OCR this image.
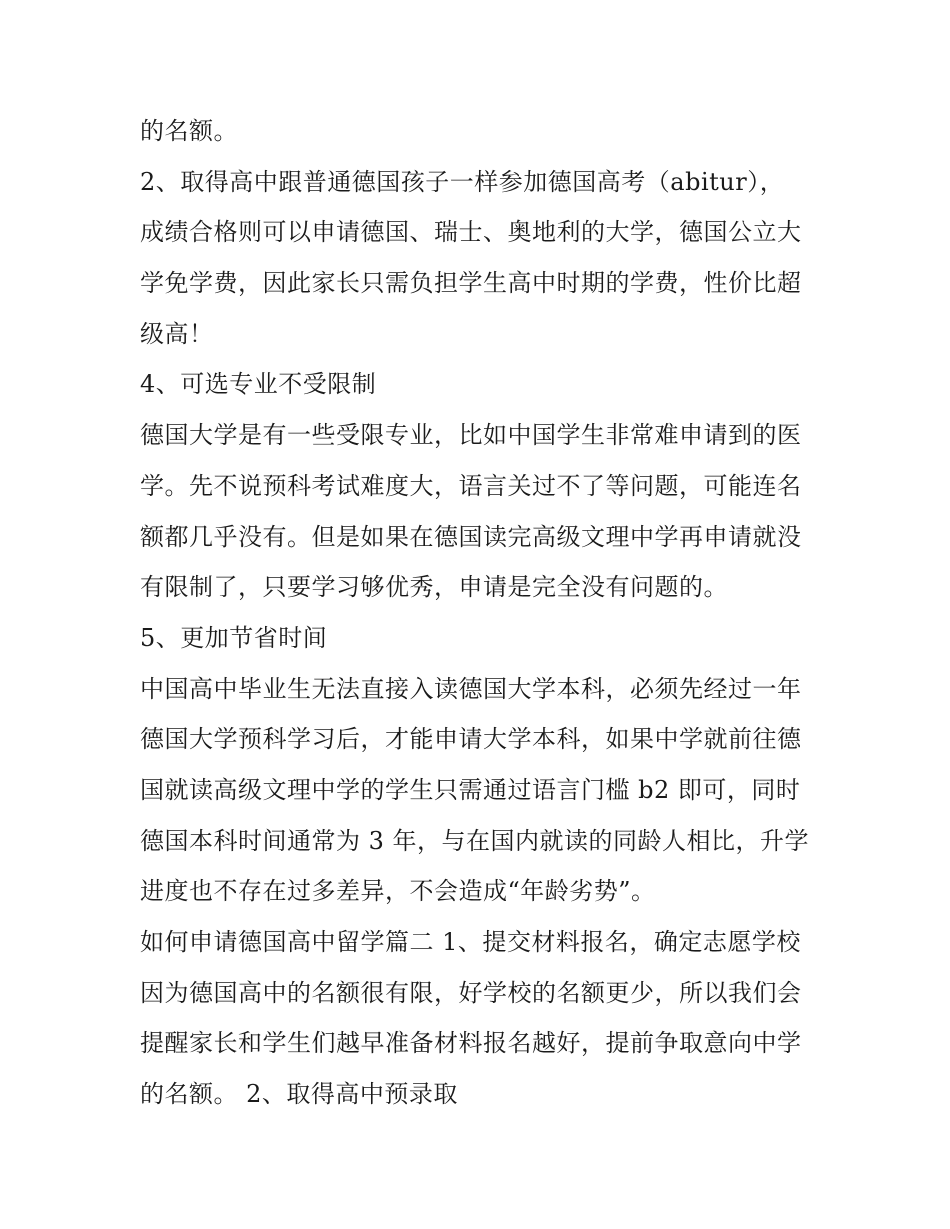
的名额。
2、取得高中跟普通德国孩子一样参加德国高考（abitur），
成绩合格则可以申请德国、瑞士、奥地利的大学，德国公立大
学免学费，因此家长只需负担学生高中时期的学费，性价比超
级高！
4、可选专业不受限制
德国大学是有一些受限专业，比如中国学生非常难申请到的医
学。先不说预科考试难度大，语言关过不了等问题，可能连名
额都几乎没有。但是如果在德国读完高级文理中学再申请就没
有限制了，只要学习够优秀，申请是完全没有问题的。
5、更加节省时间
中国高中毕业生无法直接入读德国大学本科，必须先经过一年
德国大学预科学习后，才能申请大学本科，如果中学就前往德
国就读高级文理中学的学生只需通过语言门槛 b2 即可，同时
德国本科时间通常为 3 年，与在国内就读的同龄人相比，升学
进度也不存在过多差异，不会造成“年龄劣势”。
如何申请德国高中留学篇二 1、提交材料报名，确定志愿学校
因为德国高中的名额很有限，好学校的名额更少，所以我们会
提醒家长和学生们越早准备材料报名越好，提前争取意向中学
的名额。 2、取得高中预录取
